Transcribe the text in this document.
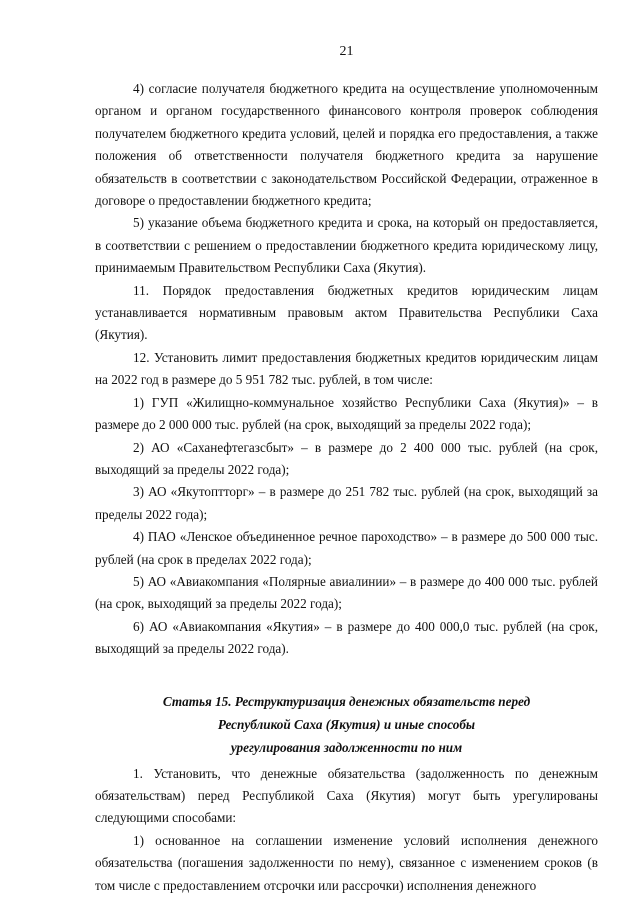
21

4) согласие получателя бюджетного кредита на осуществление уполномоченным органом и органом государственного финансового контроля проверок соблюдения получателем бюджетного кредита условий, целей и порядка его предоставления, а также положения об ответственности получателя бюджетного кредита за нарушение обязательств в соответствии с законодательством Российской Федерации, отраженное в договоре о предоставлении бюджетного кредита;

5) указание объема бюджетного кредита и срока, на который он предоставляется, в соответствии с решением о предоставлении бюджетного кредита юридическому лицу, принимаемым Правительством Республики Саха (Якутия).

11. Порядок предоставления бюджетных кредитов юридическим лицам устанавливается нормативным правовым актом Правительства Республики Саха (Якутия).

12. Установить лимит предоставления бюджетных кредитов юридическим лицам на 2022 год в размере до 5 951 782 тыс. рублей, в том числе:

1) ГУП «Жилищно-коммунальное хозяйство Республики Саха (Якутия)» – в размере до 2 000 000 тыс. рублей (на срок, выходящий за пределы 2022 года);

2) АО «Саханефтегазсбыт» – в размере до 2 400 000 тыс. рублей (на срок, выходящий за пределы 2022 года);

3) АО «Якутоптторг» – в размере до 251 782 тыс. рублей (на срок, выходящий за пределы 2022 года);

4) ПАО «Ленское объединенное речное пароходство» – в размере до 500 000 тыс. рублей (на срок в пределах 2022 года);

5) АО «Авиакомпания «Полярные авиалинии» – в размере до 400 000 тыс. рублей (на срок, выходящий за пределы 2022 года);

6) АО «Авиакомпания «Якутия» – в размере до 400 000,0 тыс. рублей (на срок, выходящий за пределы 2022 года).

Статья 15. Реструктуризация денежных обязательств перед

Республикой Саха (Якутия) и иные способы

урегулирования задолженности по ним

1. Установить, что денежные обязательства (задолженность по денежным обязательствам) перед Республикой Саха (Якутия) могут быть урегулированы следующими способами:

1) основанное на соглашении изменение условий исполнения денежного обязательства (погашения задолженности по нему), связанное с изменением сроков (в том числе с предоставлением отсрочки или рассрочки) исполнения денежного
